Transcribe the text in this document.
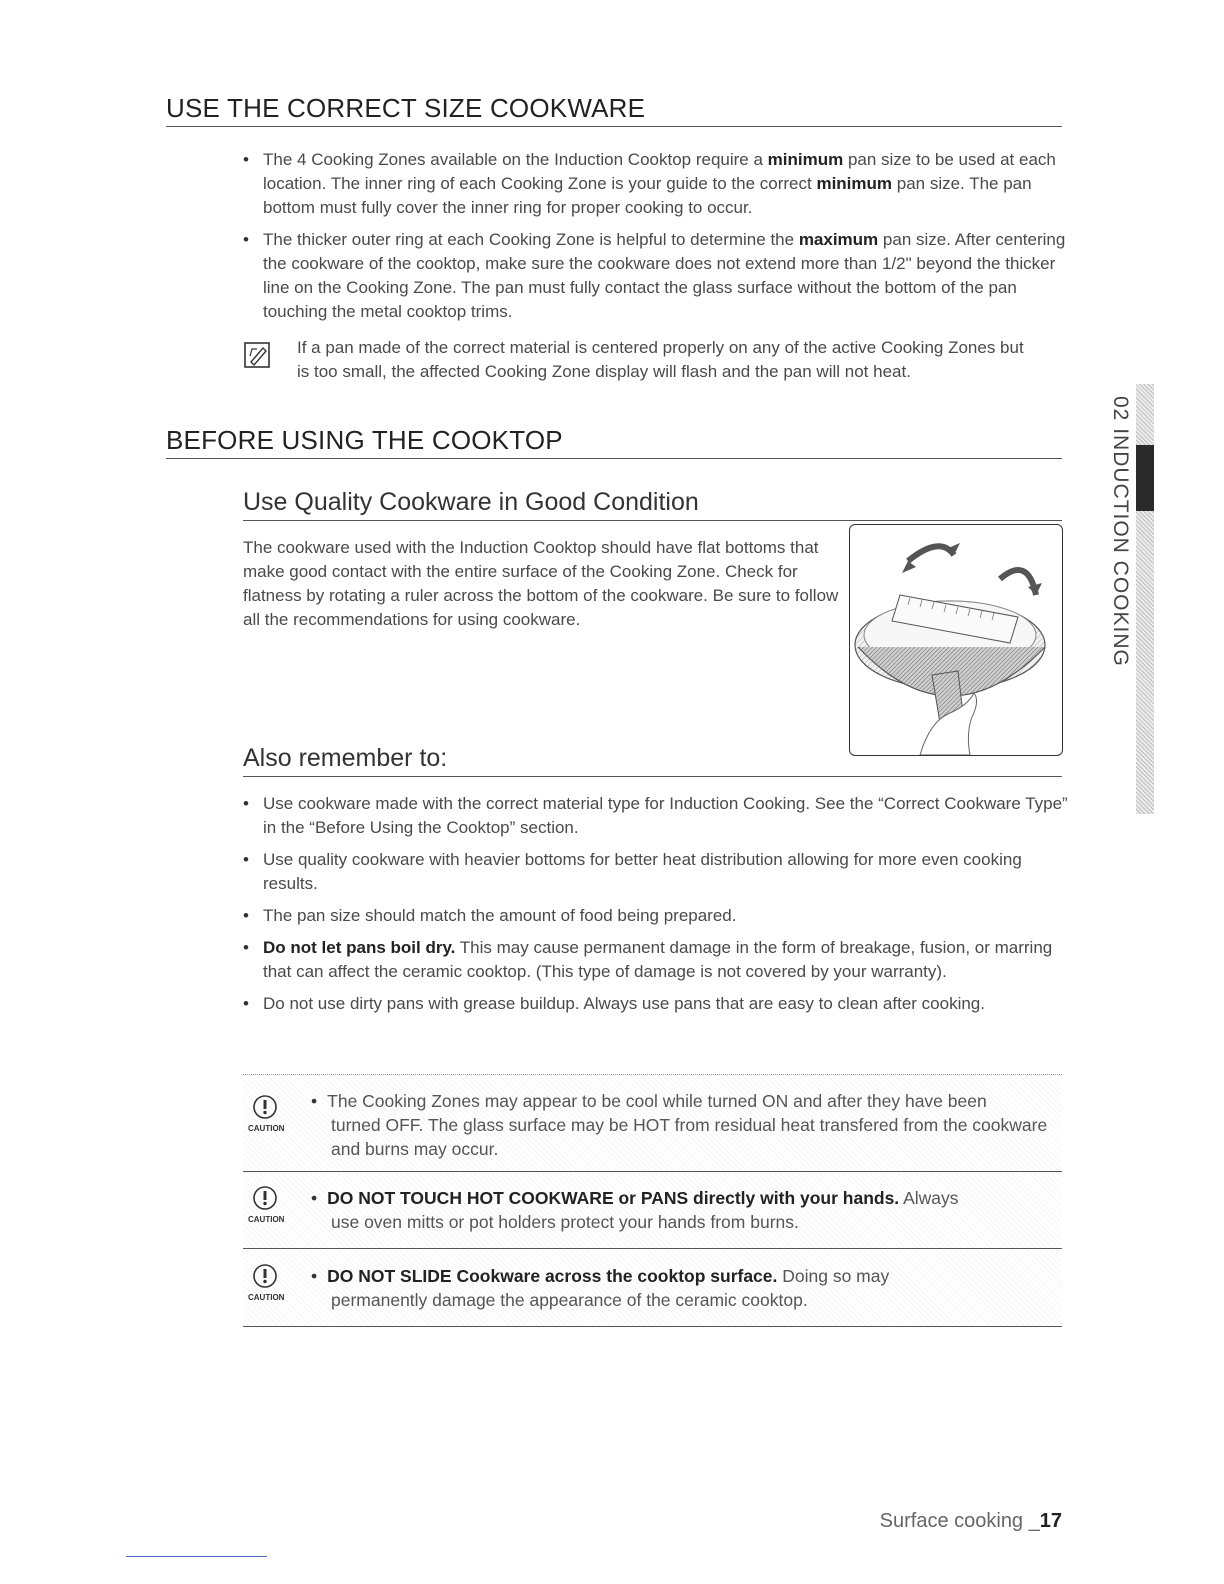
USE THE CORRECT SIZE COOKWARE
• The 4 Cooking Zones available on the Induction Cooktop require a minimum pan size to be used at each location. The inner ring of each Cooking Zone is your guide to the correct minimum pan size. The pan bottom must fully cover the inner ring for proper cooking to occur.
• The thicker outer ring at each Cooking Zone is helpful to determine the maximum pan size. After centering the cookware of the cooktop, make sure the cookware does not extend more than 1/2" beyond the thicker line on the Cooking Zone. The pan must fully contact the glass surface without the bottom of the pan touching the metal cooktop trims.
If a pan made of the correct material is centered properly on any of the active Cooking Zones but is too small, the affected Cooking Zone display will flash and the pan will not heat.
BEFORE USING THE COOKTOP
Use Quality Cookware in Good Condition
The cookware used with the Induction Cooktop should have flat bottoms that make good contact with the entire surface of the Cooking Zone. Check for flatness by rotating a ruler across the bottom of the cookware. Be sure to follow all the recommendations for using cookware.
Also remember to:
• Use cookware made with the correct material type for Induction Cooking. See the “Correct Cookware Type” in the “Before Using the Cooktop” section.
• Use quality cookware with heavier bottoms for better heat distribution allowing for more even cooking results.
• The pan size should match the amount of food being prepared.
• Do not let pans boil dry. This may cause permanent damage in the form of breakage, fusion, or marring that can affect the ceramic cooktop. (This type of damage is not covered by your warranty).
• Do not use dirty pans with grease buildup. Always use pans that are easy to clean after cooking.
CAUTION
• The Cooking Zones may appear to be cool while turned ON and after they have been
turned OFF. The glass surface may be HOT from residual heat transfered from the cookware and burns may occur.
CAUTION
• DO NOT TOUCH HOT COOKWARE or PANS directly with your hands. Always
use oven mitts or pot holders protect your hands from burns.
CAUTION
• DO NOT SLIDE Cookware across the cooktop surface. Doing so may
permanently damage the appearance of the ceramic cooktop.
02 INDUCTION COOKING
Surface cooking _17
